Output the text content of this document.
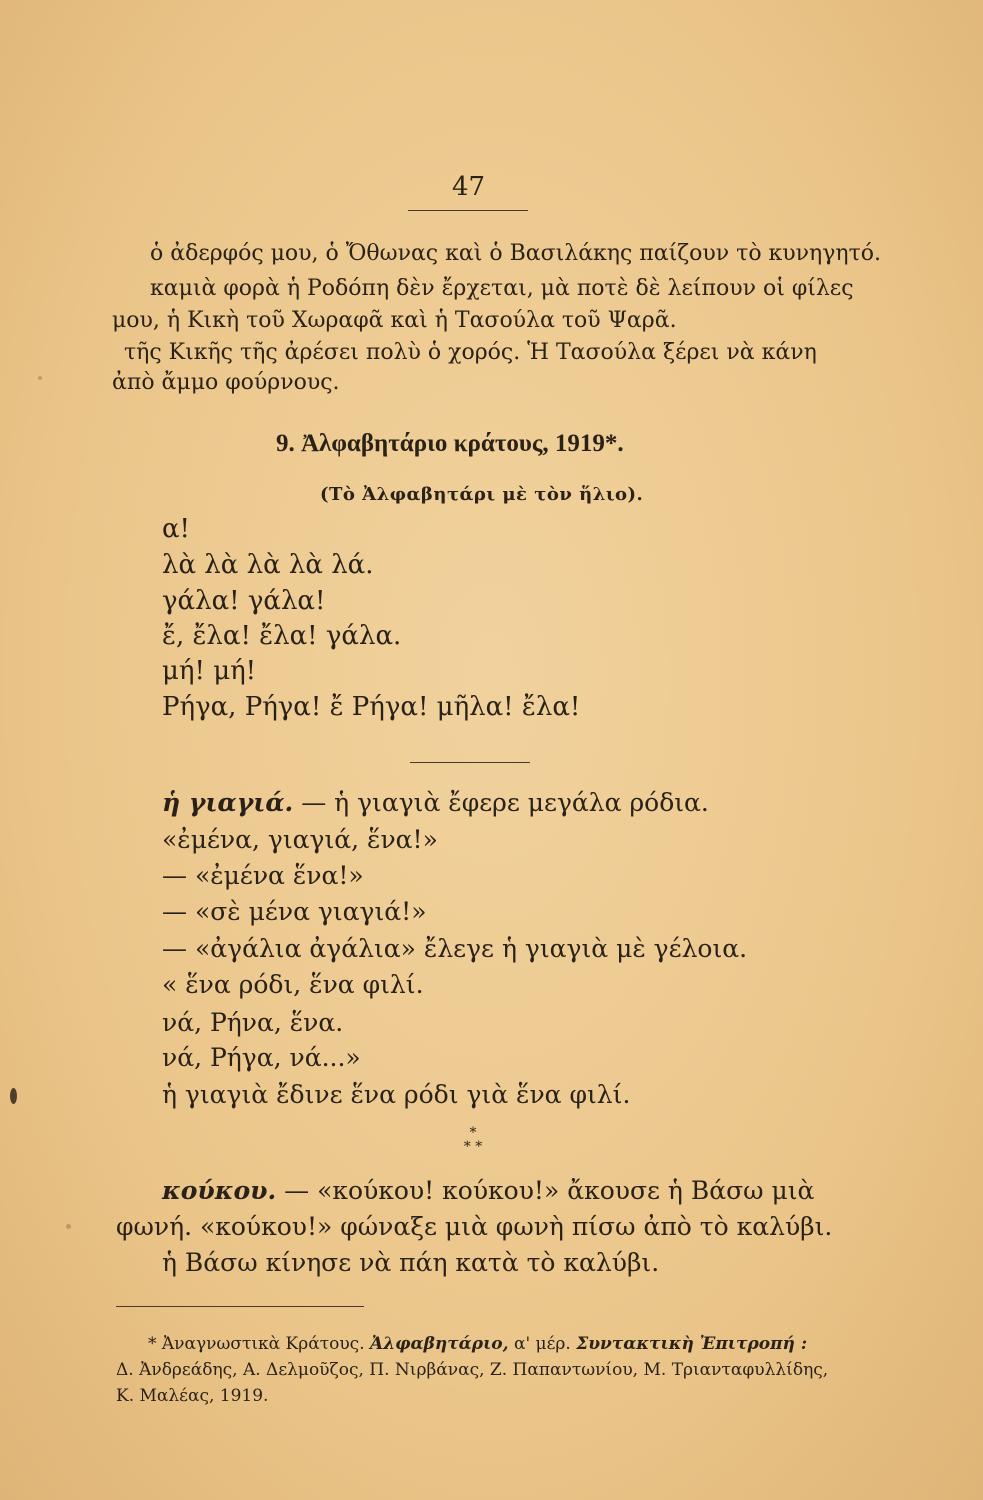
47
ὁ ἀδερφός μου, ὁ Ὄθωνας καὶ ὁ Βασιλάκης παίζουν τὸ κυνηγητό.
καμιὰ φορὰ ἡ Ροδόπη δὲν ἔρχεται, μὰ ποτὲ δὲ λείπουν οἱ φίλες
μου, ἡ Κικὴ τοῦ Χωραφᾶ καὶ ἡ Τασούλα τοῦ Ψαρᾶ.
τῆς Κικῆς τῆς ἀρέσει πολὺ ὁ χορός. Ἡ Τασούλα ξέρει νὰ κάνη
ἀπὸ ἄμμο φούρνους.
9. Ἀλφαβητάριο κράτους, 1919*.
(Τὸ Ἀλφαβητάρι μὲ τὸν ἥλιο).
α!
λὰ λὰ λὰ λὰ λά.
γάλα! γάλα!
ἔ, ἔλα! ἔλα! γάλα.
μή! μή!
Ρήγα, Ρήγα! ἔ Ρήγα! μῆλα! ἔλα!
ἡ γιαγιά. — ἡ γιαγιὰ ἔφερε μεγάλα ρόδια.
«ἐμένα, γιαγιά, ἕνα!»
— «ἐμένα ἕνα!»
— «σὲ μένα γιαγιά!»
— «ἀγάλια ἀγάλια» ἔλεγε ἡ γιαγιὰ μὲ γέλοια.
« ἕνα ρόδι, ἕνα φιλί.
νά, Ρήνα, ἕνα.
νά, Ρήγα, νά...»
ἡ γιαγιὰ ἔδινε ἕνα ρόδι γιὰ ἕνα φιλί.
*
* *
κούκου. — «κούκου! κούκου!» ἄκουσε ἡ Βάσω μιὰ
φωνή. «κούκου!» φώναξε μιὰ φωνὴ πίσω ἀπὸ τὸ καλύβι.
ἡ Βάσω κίνησε νὰ πάη κατὰ τὸ καλύβι.
* Ἀναγνωστικὰ Κράτους. Ἀλφαβητάριο, α' μέρ. Συντακτικὴ Ἐπιτροπή :
Δ. Ἀνδρεάδης, Α. Δελμοῦζος, Π. Νιρβάνας, Ζ. Παπαντωνίου, Μ. Τριανταφυλλίδης,
Κ. Μαλέας, 1919.
